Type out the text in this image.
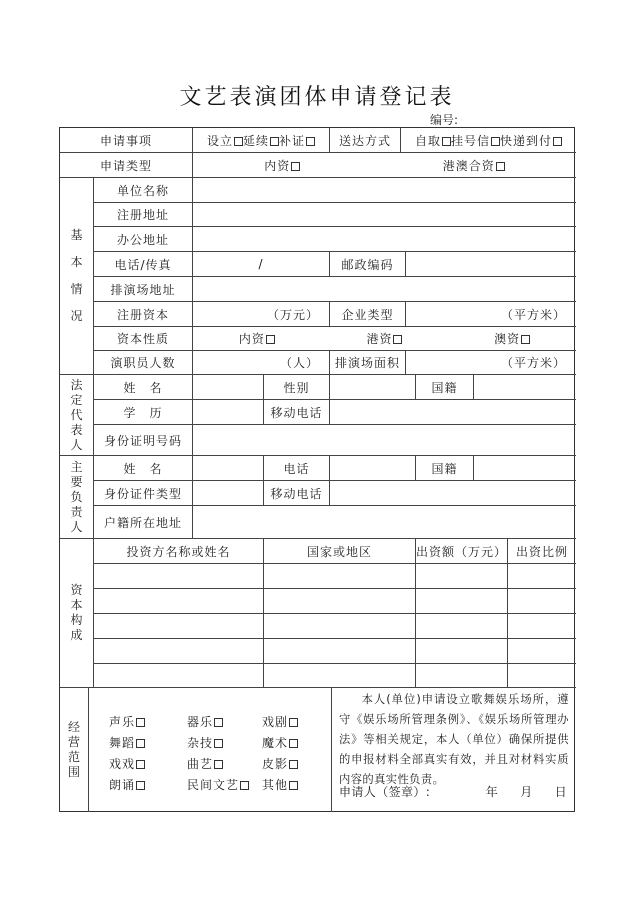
文艺表演团体申请登记表
编号:
申请事项	设立 延续 补证	送达方式 自取 挂号信 快递到付
申请类型	内资	港澳合资
基
本
情
况
单位名称
注册地址
办公地址
电话/传真	/	邮政编码
排演场地址
注册资本	（万元） 企业类型	（平方米）
资本性质	内资	港资	澳资
演职员人数	（人） 排演场面积	（平方米）
法
定
代
表
人
姓　名	性别	国籍
学　历	移动电话
身份证明号码
主
要
负
责
人
姓　名	电话	国籍
身份证件类型	移动电话
户籍所在地址
资
本
构
成
投资方名称或姓名	国家或地区	出资额（万元） 出资比例
经
营
范
围
声乐	器乐	戏剧
舞蹈	杂技	魔术
戏戏	曲艺	皮影
朗诵	民间文艺	其他
本人(单位)申请设立歌舞娱乐场所，遵守《娱乐场所管理条例》、《娱乐场所管理办法》等相关规定，本人（单位）确保所提供的申报材料全部真实有效，并且对材料实质内容的真实性负责。
申请人（签章）:	年 月 日
